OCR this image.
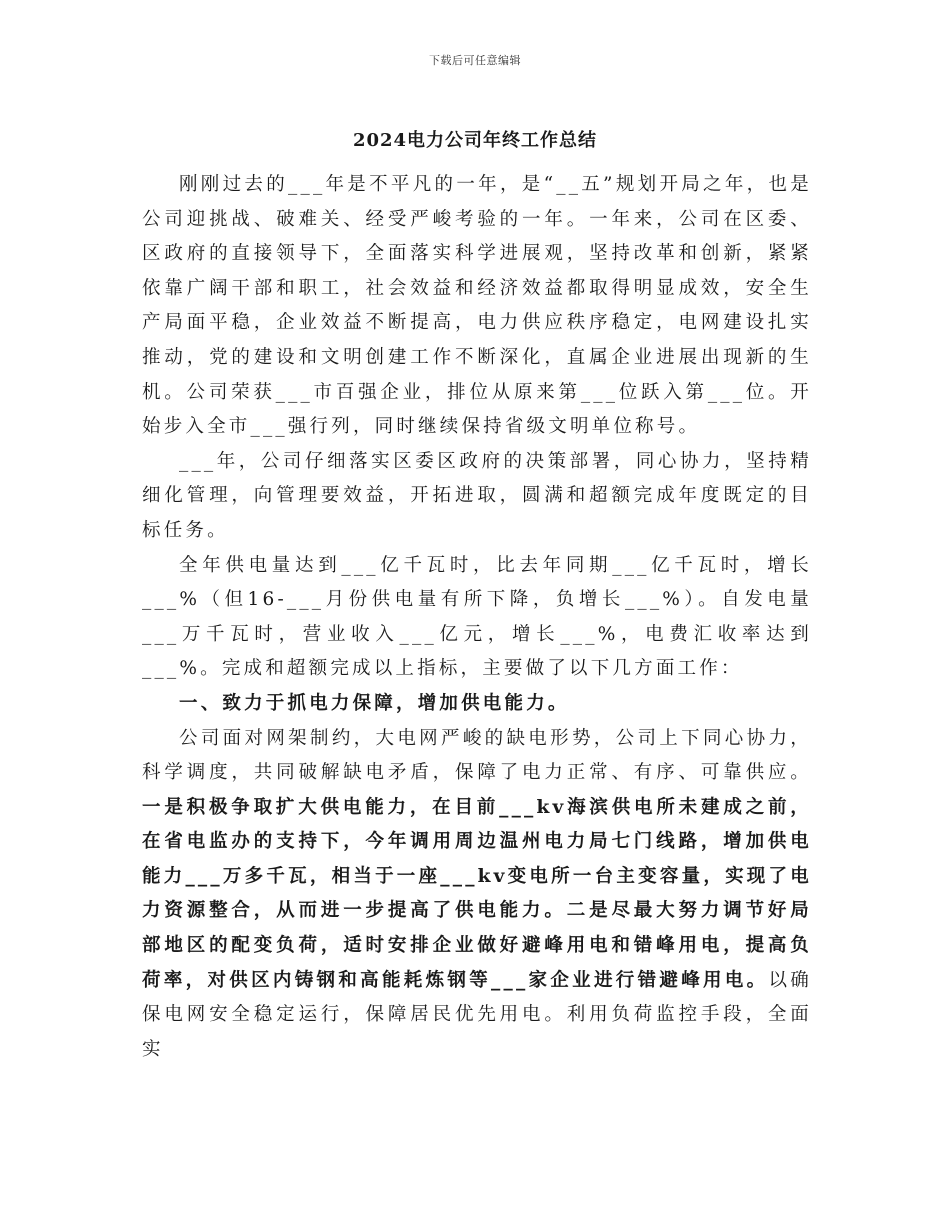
下载后可任意编辑
2024电力公司年终工作总结

刚刚过去的___年是不平凡的一年，是“__五”规划开局之年，也是公司迎挑战、破难关、经受严峻考验的一年。一年来，公司在区委、区政府的直接领导下，全面落实科学进展观，坚持改革和创新，紧紧依靠广阔干部和职工，社会效益和经济效益都取得明显成效，安全生产局面平稳，企业效益不断提高，电力供应秩序稳定，电网建设扎实推动，党的建设和文明创建工作不断深化，直属企业进展出现新的生机。公司荣获___市百强企业，排位从原来第___位跃入第___位。开始步入全市___强行列，同时继续保持省级文明单位称号。

___年，公司仔细落实区委区政府的决策部署，同心协力，坚持精细化管理，向管理要效益，开拓进取，圆满和超额完成年度既定的目标任务。

全年供电量达到___亿千瓦时，比去年同期___亿千瓦时，增长___%（但16-___月份供电量有所下降，负增长___%）。自发电量___万千瓦时，营业收入___亿元，增长___%，电费汇收率达到___%。完成和超额完成以上指标，主要做了以下几方面工作：

一、致力于抓电力保障，增加供电能力。

公司面对网架制约，大电网严峻的缺电形势，公司上下同心协力，科学调度，共同破解缺电矛盾，保障了电力正常、有序、可靠供应。一是积极争取扩大供电能力，在目前___kv海滨供电所未建成之前，在省电监办的支持下，今年调用周边温州电力局七门线路，增加供电能力___万多千瓦，相当于一座___kv变电所一台主变容量，实现了电力资源整合，从而进一步提高了供电能力。二是尽最大努力调节好局部地区的配变负荷，适时安排企业做好避峰用电和错峰用电，提高负荷率，对供区内铸钢和高能耗炼钢等___家企业进行错避峰用电。以确保电网安全稳定运行，保障居民优先用电。利用负荷监控手段，全面实
